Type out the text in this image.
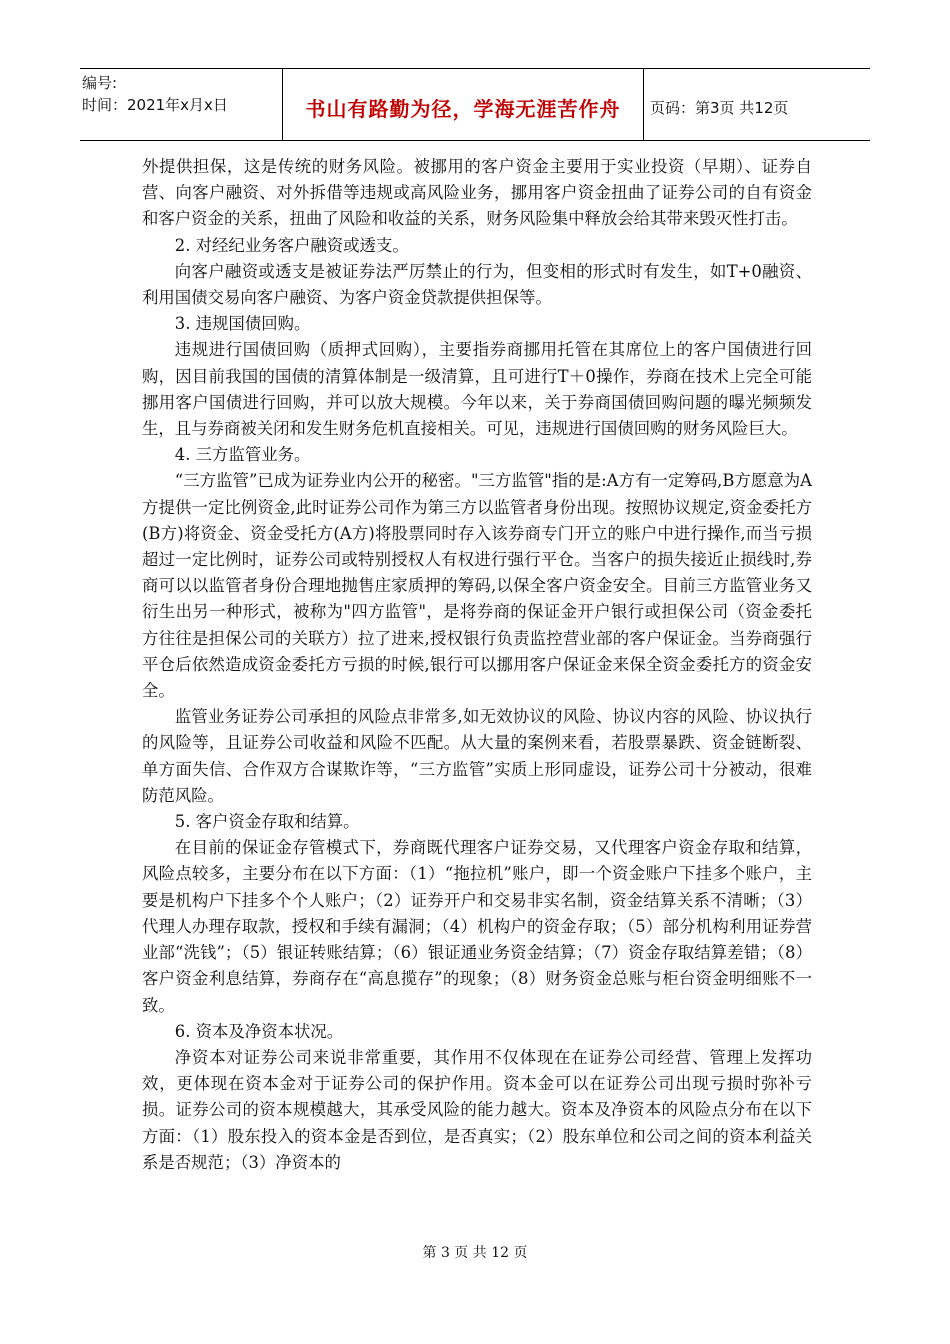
编号:
时间：2021年x月x日	书山有路勤为径，学海无涯苦作舟	页码：第3页 共12页

外提供担保，这是传统的财务风险。被挪用的客户资金主要用于实业投资（早期）、证券自营、向客户融资、对外拆借等违规或高风险业务，挪用客户资金扭曲了证券公司的自有资金和客户资金的关系，扭曲了风险和收益的关系，财务风险集中释放会给其带来毁灭性打击。

2. 对经纪业务客户融资或透支。

向客户融资或透支是被证券法严厉禁止的行为，但变相的形式时有发生，如T+0融资、利用国债交易向客户融资、为客户资金贷款提供担保等。

3. 违规国债回购。

违规进行国债回购（质押式回购），主要指券商挪用托管在其席位上的客户国债进行回购，因目前我国的国债的清算体制是一级清算，且可进行T＋0操作，券商在技术上完全可能挪用客户国债进行回购，并可以放大规模。今年以来，关于券商国债回购问题的曝光频频发生，且与券商被关闭和发生财务危机直接相关。可见，违规进行国债回购的财务风险巨大。

4. 三方监管业务。

“三方监管”已成为证券业内公开的秘密。"三方监管"指的是:A方有一定筹码,B方愿意为A方提供一定比例资金,此时证券公司作为第三方以监管者身份出现。按照协议规定,资金委托方(B方)将资金、资金受托方(A方)将股票同时存入该券商专门开立的账户中进行操作,而当亏损超过一定比例时，证券公司或特别授权人有权进行强行平仓。当客户的损失接近止损线时,券商可以以监管者身份合理地抛售庄家质押的筹码,以保全客户资金安全。目前三方监管业务又衍生出另一种形式，被称为"四方监管"，是将券商的保证金开户银行或担保公司（资金委托方往往是担保公司的关联方）拉了进来,授权银行负责监控营业部的客户保证金。当券商强行平仓后依然造成资金委托方亏损的时候,银行可以挪用客户保证金来保全资金委托方的资金安全。

监管业务证券公司承担的风险点非常多,如无效协议的风险、协议内容的风险、协议执行的风险等，且证券公司收益和风险不匹配。从大量的案例来看，若股票暴跌、资金链断裂、单方面失信、合作双方合谋欺诈等，“三方监管”实质上形同虚设，证券公司十分被动，很难防范风险。

5. 客户资金存取和结算。

在目前的保证金存管模式下，券商既代理客户证券交易，又代理客户资金存取和结算，风险点较多，主要分布在以下方面：（1）“拖拉机”账户，即一个资金账户下挂多个账户，主要是机构户下挂多个个人账户；（2）证券开户和交易非实名制，资金结算关系不清晰；（3）代理人办理存取款，授权和手续有漏洞；（4）机构户的资金存取；（5）部分机构利用证券营业部“洗钱”；（5）银证转账结算；（6）银证通业务资金结算；（7）资金存取结算差错；（8）客户资金利息结算，券商存在“高息揽存”的现象；（8）财务资金总账与柜台资金明细账不一致。

6. 资本及净资本状况。

净资本对证券公司来说非常重要，其作用不仅体现在在证券公司经营、管理上发挥功效，更体现在资本金对于证券公司的保护作用。资本金可以在证券公司出现亏损时弥补亏损。证券公司的资本规模越大，其承受风险的能力越大。资本及净资本的风险点分布在以下方面：（1）股东投入的资本金是否到位，是否真实；（2）股东单位和公司之间的资本利益关系是否规范；（3）净资本的

第 3 页 共 12 页
